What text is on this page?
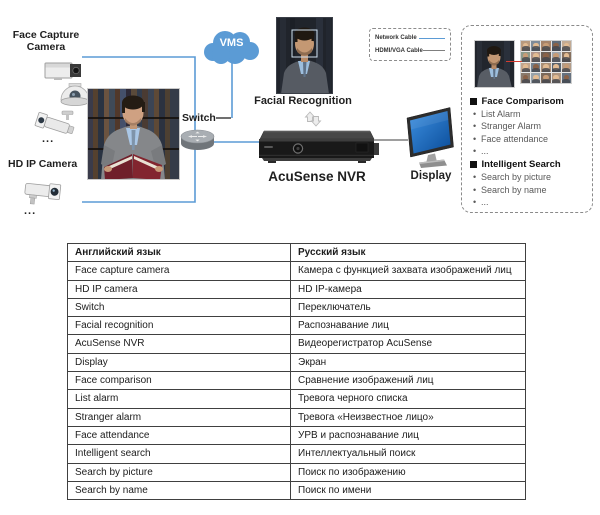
Face Capture Camera
...
HD IP Camera
...
VMS
Switch
Facial Recognition
AcuSense NVR	Display
Network Cable
HDMI/VGA Cable
Face Comparisom
• List Alarm
• Stranger Alarm
• Face attendance
• ...
Intelligent Search
• Search by picture
• Search by name
• ...
Английский язык	Русский язык
Face capture camera	Камера с функцией захвата изображений лиц
HD IP camera	HD IP-камера
Switch	Переключатель
Facial recognition	Распознавание лиц
AcuSense NVR	Видеорегистратор AcuSense
Display	Экран
Face comparison	Сравнение изображений лиц
List alarm	Тревога черного списка
Stranger alarm	Тревога «Неизвестное лицо»
Face attendance	УРВ и распознавание лиц
Intelligent search	Интеллектуальный поиск
Search by picture	Поиск по изображению
Search by name	Поиск по имени
